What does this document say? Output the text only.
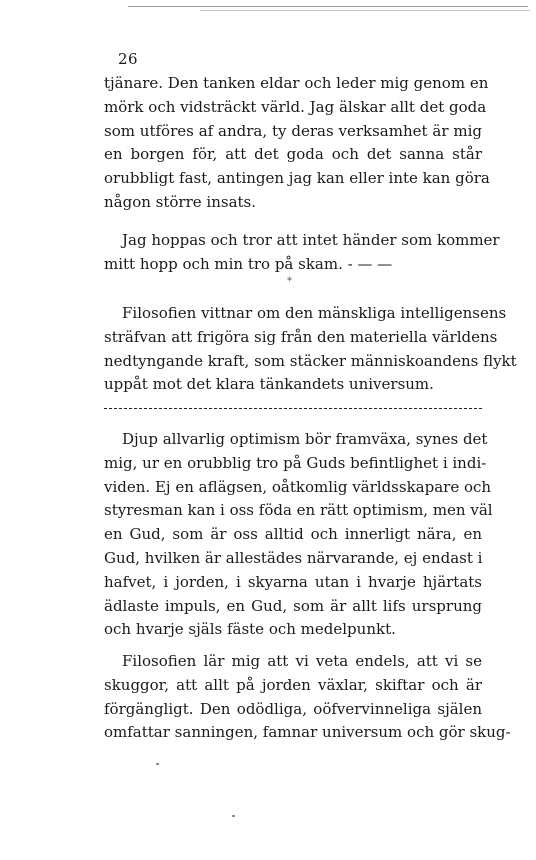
26
tjänare. Den tanken eldar och leder mig genom en
mörk och vidsträckt värld. Jag älskar allt det goda
som utföres af andra, ty deras verksamhet är mig
en borgen för, att det goda och det sanna står
orubbligt fast, antingen jag kan eller inte kan göra
någon större insats.
Jag hoppas och tror att intet händer som kommer
mitt hopp och min tro på skam. - — —
*
Filosofien vittnar om den mänskliga intelligensens
sträfvan att frigöra sig från den materiella världens
nedtyngande kraft, som stäcker människoandens flykt
uppåt mot det klara tänkandets universum.
Djup allvarlig optimism bör framväxa, synes det
mig, ur en orubblig tro på Guds befintlighet i indi-
viden. Ej en aflägsen, oåtkomlig världsskapare och
styresman kan i oss föda en rätt optimism, men väl
en Gud, som är oss alltid och innerligt nära, en
Gud, hvilken är allestädes närvarande, ej endast i
hafvet, i jorden, i skyarna utan i hvarje hjärtats
ädlaste impuls, en Gud, som är allt lifs ursprung
och hvarje själs fäste och medelpunkt.
Filosofien lär mig att vi veta endels, att vi se
skuggor, att allt på jorden växlar, skiftar och är
förgängligt. Den odödliga, oöfvervinneliga själen
omfattar sanningen, famnar universum och gör skug-
